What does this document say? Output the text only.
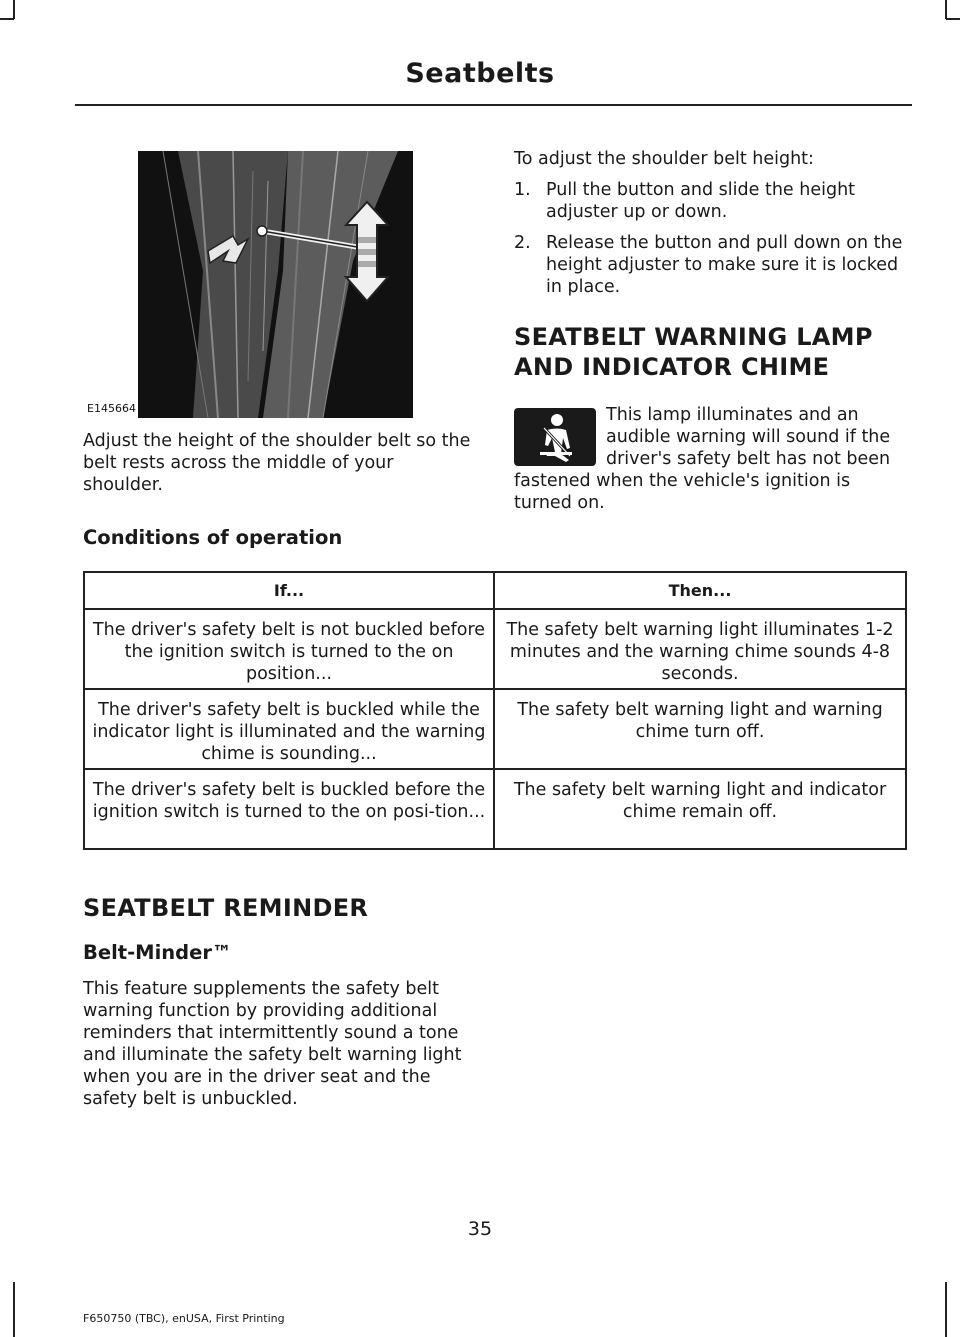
Seatbelts
E145664

Adjust the height of the shoulder belt so the belt rests across the middle of your shoulder.

To adjust the shoulder belt height:

1. Pull the button and slide the height adjuster up or down.
2. Release the button and pull down on the height adjuster to make sure it is locked in place.

SEATBELT WARNING LAMP

AND INDICATOR CHIME

This lamp illuminates and an audible warning will sound if the driver's safety belt has not been fastened when the vehicle's ignition is turned on.

Conditions of operation
If...	Then...
The driver's safety belt is not buckled before the ignition switch is turned to the on position...	The safety belt warning light illuminates 1-2 minutes and the warning chime sounds 4-8 seconds.
The driver's safety belt is buckled while the indicator light is illuminated and the warning chime is sounding...	The safety belt warning light and warning chime turn off.
The driver's safety belt is buckled before the ignition switch is turned to the on posi-tion...	The safety belt warning light and indicator chime remain off.

SEATBELT REMINDER

Belt-Minder™

This feature supplements the safety belt warning function by providing additional reminders that intermittently sound a tone and illuminate the safety belt warning light when you are in the driver seat and the safety belt is unbuckled.

35
F650750 (TBC), enUSA, First Printing
